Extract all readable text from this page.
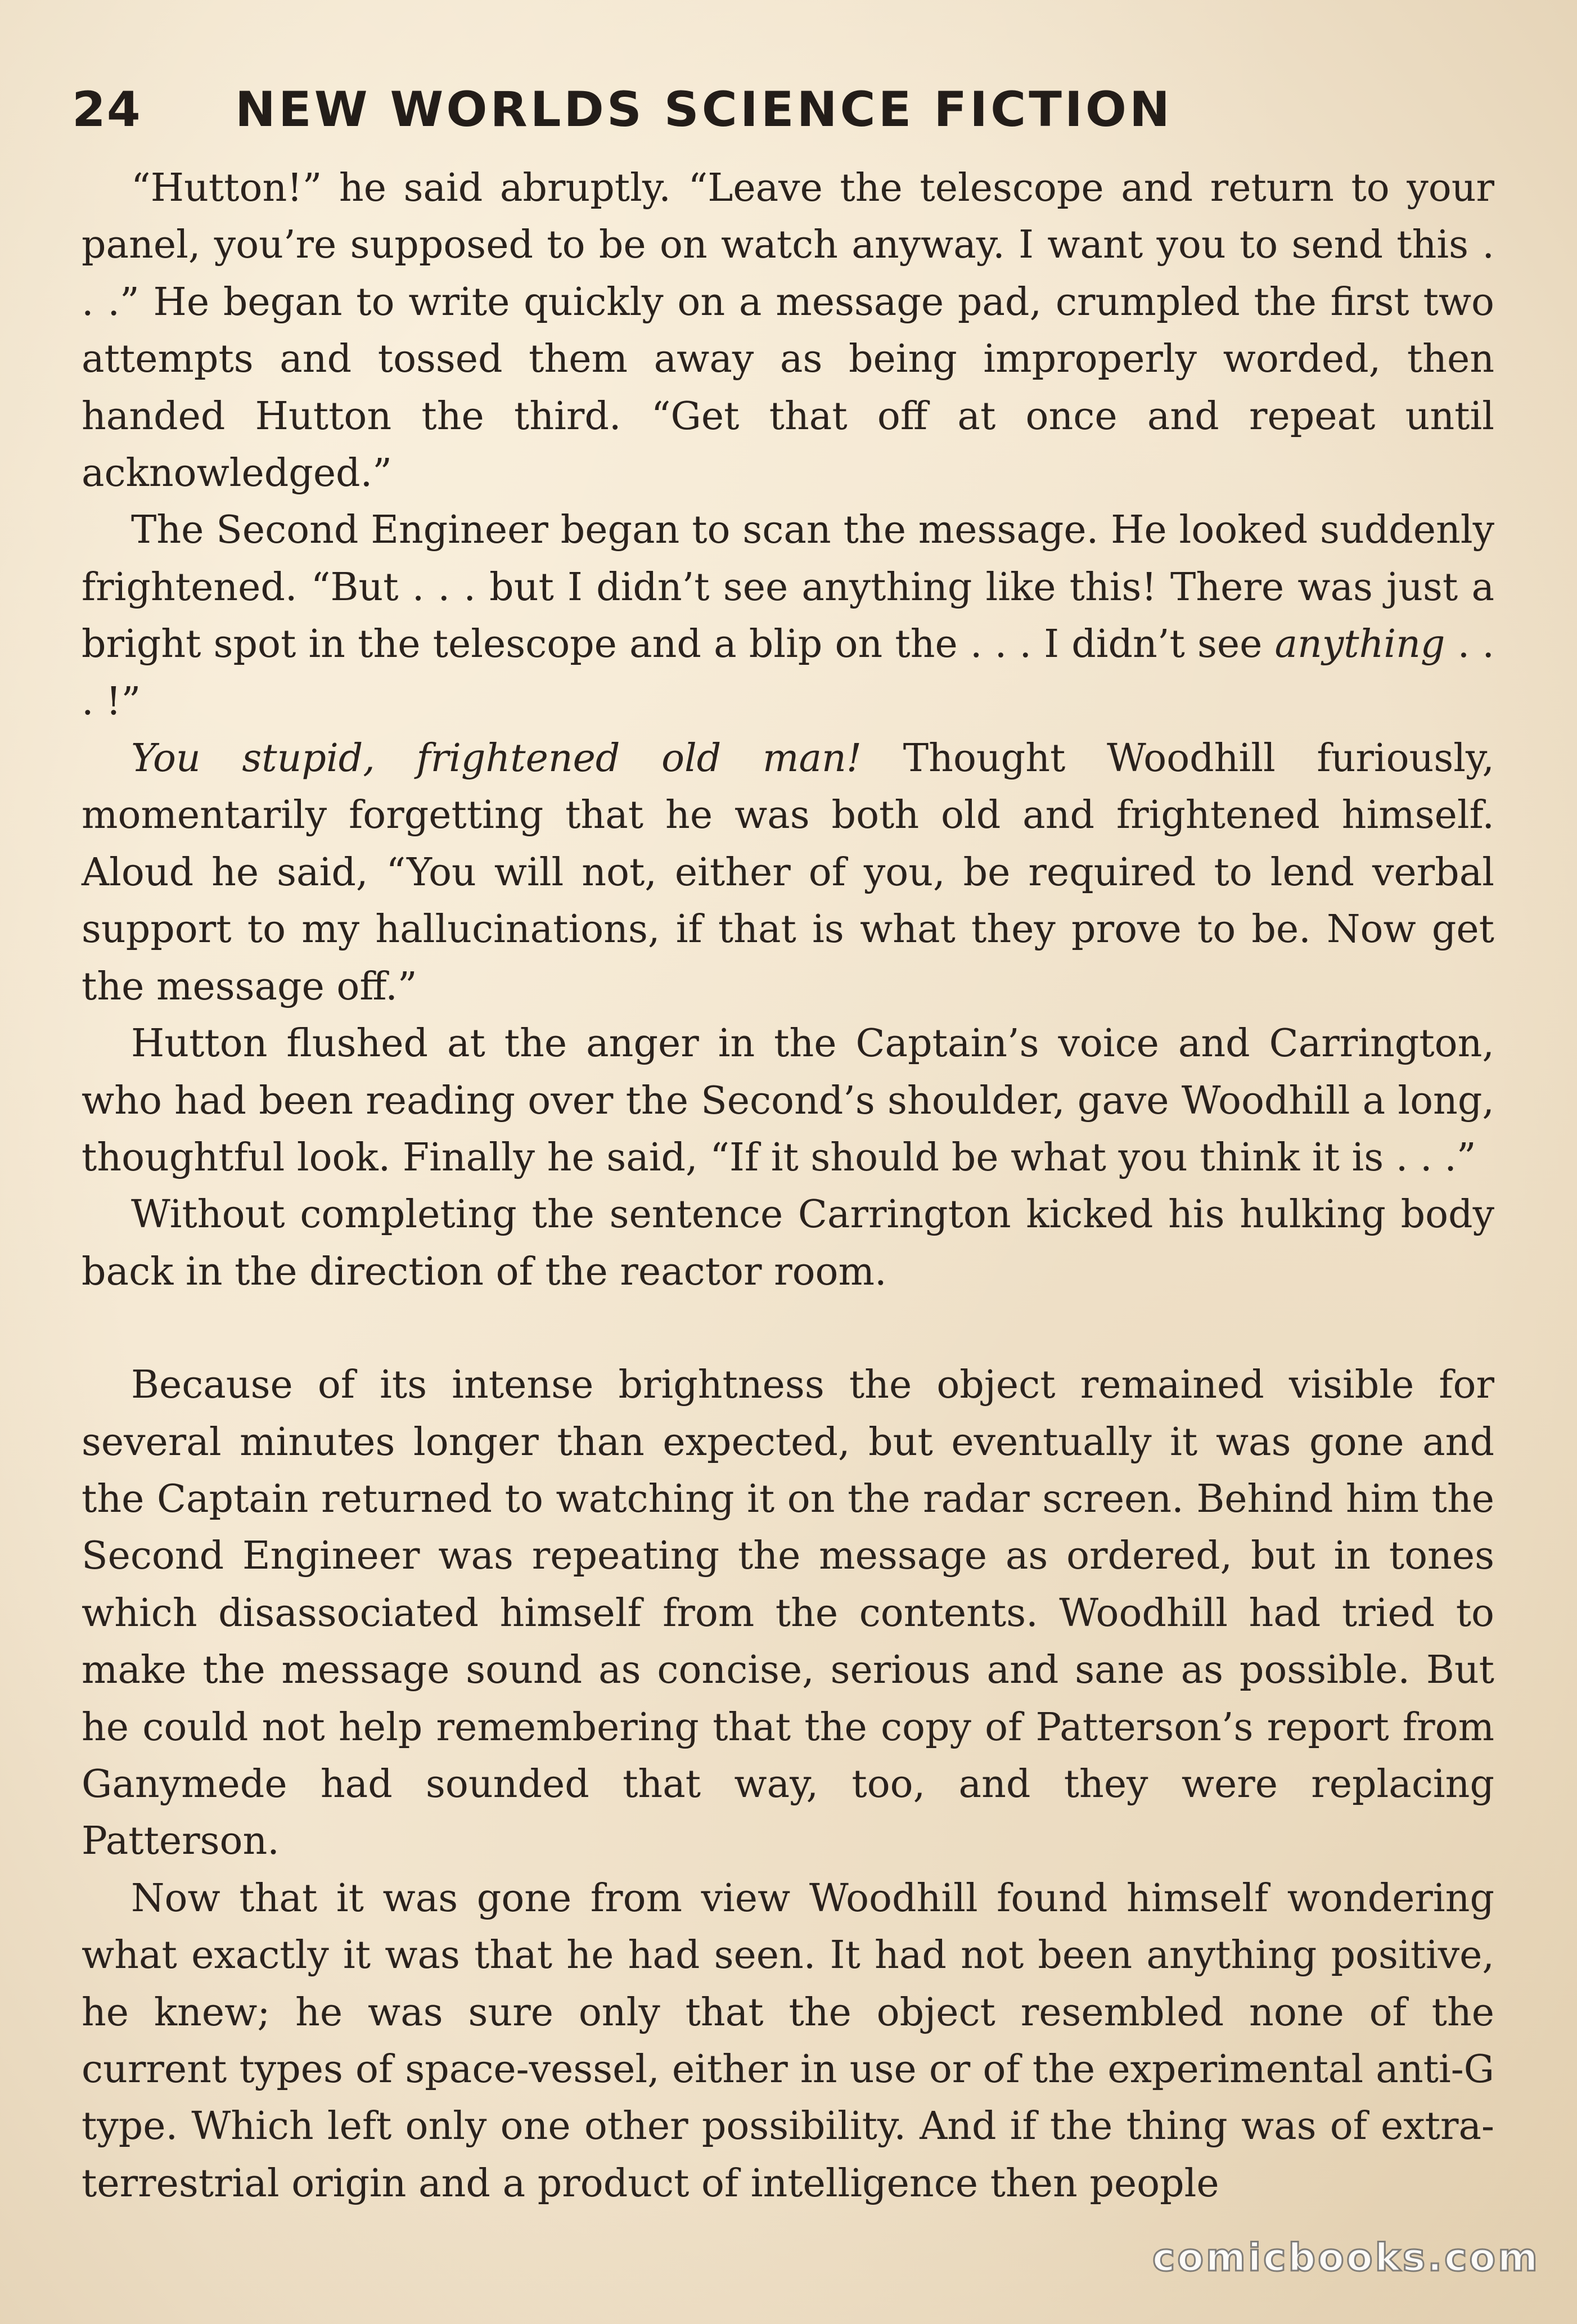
24	NEW WORLDS SCIENCE FICTION

“Hutton!” he said abruptly. “Leave the telescope and return to your panel, you’re supposed to be on watch anyway. I want you to send this . . .” He began to write quickly on a message pad, crumpled the first two attempts and tossed them away as being improperly worded, then handed Hutton the third. “Get that off at once and repeat until acknowledged.”

The Second Engineer began to scan the message. He looked suddenly frightened. “But . . . but I didn’t see anything like this! There was just a bright spot in the telescope and a blip on the . . . I didn’t see anything . . . !”

You stupid, frightened old man! Thought Woodhill furiously, momentarily forgetting that he was both old and frightened himself. Aloud he said, “You will not, either of you, be required to lend verbal support to my hallucinations, if that is what they prove to be. Now get the message off.”

Hutton flushed at the anger in the Captain’s voice and Carrington, who had been reading over the Second’s shoulder, gave Woodhill a long, thoughtful look. Finally he said, “If it should be what you think it is . . .”

Without completing the sentence Carrington kicked his hulking body back in the direction of the reactor room.

Because of its intense brightness the object remained visible for several minutes longer than expected, but eventually it was gone and the Captain returned to watching it on the radar screen. Behind him the Second Engineer was repeating the message as ordered, but in tones which disassociated himself from the contents. Woodhill had tried to make the message sound as concise, serious and sane as possible. But he could not help remembering that the copy of Patterson’s report from Ganymede had sounded that way, too, and they were replacing Patterson.

Now that it was gone from view Woodhill found himself wondering what exactly it was that he had seen. It had not been anything positive, he knew; he was sure only that the object resembled none of the current types of space-vessel, either in use or of the experimental anti-G type. Which left only one other possibility. And if the thing was of extra-terrestrial origin and a product of intelligence then people

comicbooks.com
